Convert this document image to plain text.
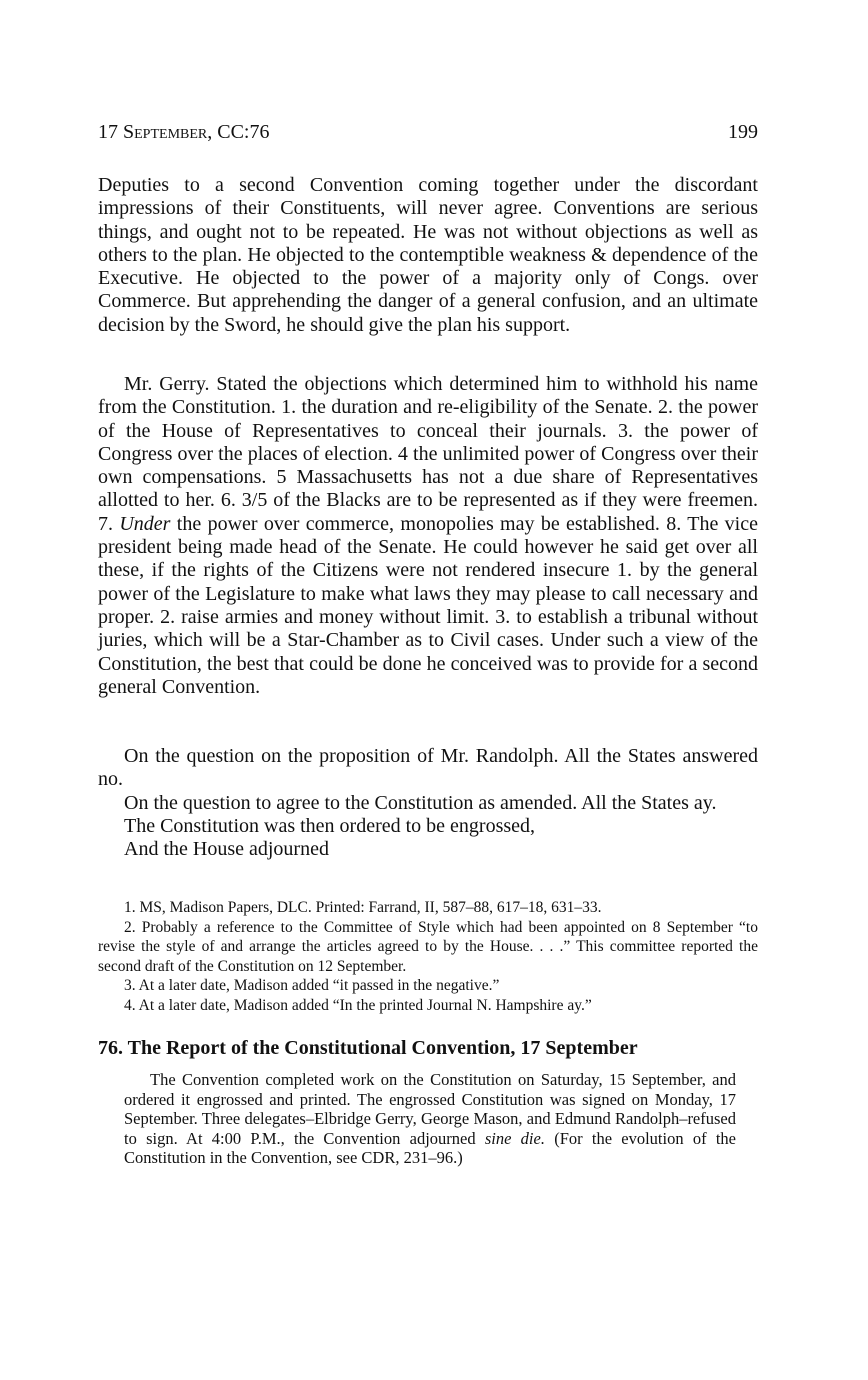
17 September, CC:76	199

Deputies to a second Convention coming together under the discordant impressions of their Constituents, will never agree. Conventions are serious things, and ought not to be repeated. He was not without objections as well as others to the plan. He objected to the contemptible weakness & dependence of the Executive. He objected to the power of a majority only of Congs. over Commerce. But apprehending the danger of a general confusion, and an ultimate decision by the Sword, he should give the plan his support.

Mr. Gerry. Stated the objections which determined him to withhold his name from the Constitution. 1. the duration and re-eligibility of the Senate. 2. the power of the House of Representatives to conceal their journals. 3. the power of Congress over the places of election. 4 the unlimited power of Congress over their own compensations. 5 Massachusetts has not a due share of Representatives allotted to her. 6. 3/5 of the Blacks are to be represented as if they were freemen. 7. Under the power over commerce, monopolies may be established. 8. The vice president being made head of the Senate. He could however he said get over all these, if the rights of the Citizens were not rendered insecure 1. by the general power of the Legislature to make what laws they may please to call necessary and proper. 2. raise armies and money without limit. 3. to establish a tribunal without juries, which will be a Star-Chamber as to Civil cases. Under such a view of the Constitution, the best that could be done he conceived was to provide for a second general Convention.

On the question on the proposition of Mr. Randolph. All the States answered no.

On the question to agree to the Constitution as amended. All the States ay.

The Constitution was then ordered to be engrossed,

And the House adjourned

1. MS, Madison Papers, DLC. Printed: Farrand, II, 587–88, 617–18, 631–33.

2. Probably a reference to the Committee of Style which had been appointed on 8 September “to revise the style of and arrange the articles agreed to by the House. . . .” This committee reported the second draft of the Constitution on 12 September.

3. At a later date, Madison added “it passed in the negative.”

4. At a later date, Madison added “In the printed Journal N. Hampshire ay.”

76. The Report of the Constitutional Convention, 17 September

The Convention completed work on the Constitution on Saturday, 15 September, and ordered it engrossed and printed. The engrossed Constitution was signed on Monday, 17 September. Three delegates–Elbridge Gerry, George Mason, and Edmund Randolph–refused to sign. At 4:00 P.M., the Convention adjourned sine die. (For the evolution of the Constitution in the Convention, see CDR, 231–96.)
